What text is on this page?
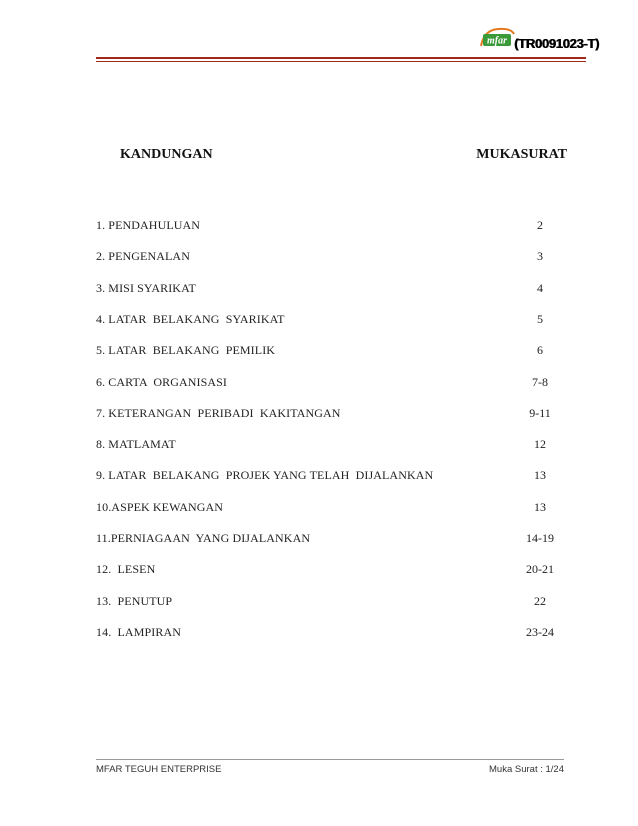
mfar (TR0091023-T)
KANDUNGAN	MUKASURAT
1. PENDAHULUAN	2
2. PENGENALAN	3
3. MISI SYARIKAT	4
4. LATAR  BELAKANG  SYARIKAT	5
5. LATAR  BELAKANG  PEMILIK	6
6. CARTA  ORGANISASI	7-8
7. KETERANGAN  PERIBADI  KAKITANGAN	9-11
8. MATLAMAT	12
9. LATAR  BELAKANG  PROJEK YANG TELAH  DIJALANKAN	13
10.ASPEK KEWANGAN	13
11.PERNIAGAAN  YANG DIJALANKAN	14-19
12.  LESEN	20-21
13.  PENUTUP	22
14.  LAMPIRAN	23-24
MFAR TEGUH ENTERPRISE	Muka Surat : 1/24
